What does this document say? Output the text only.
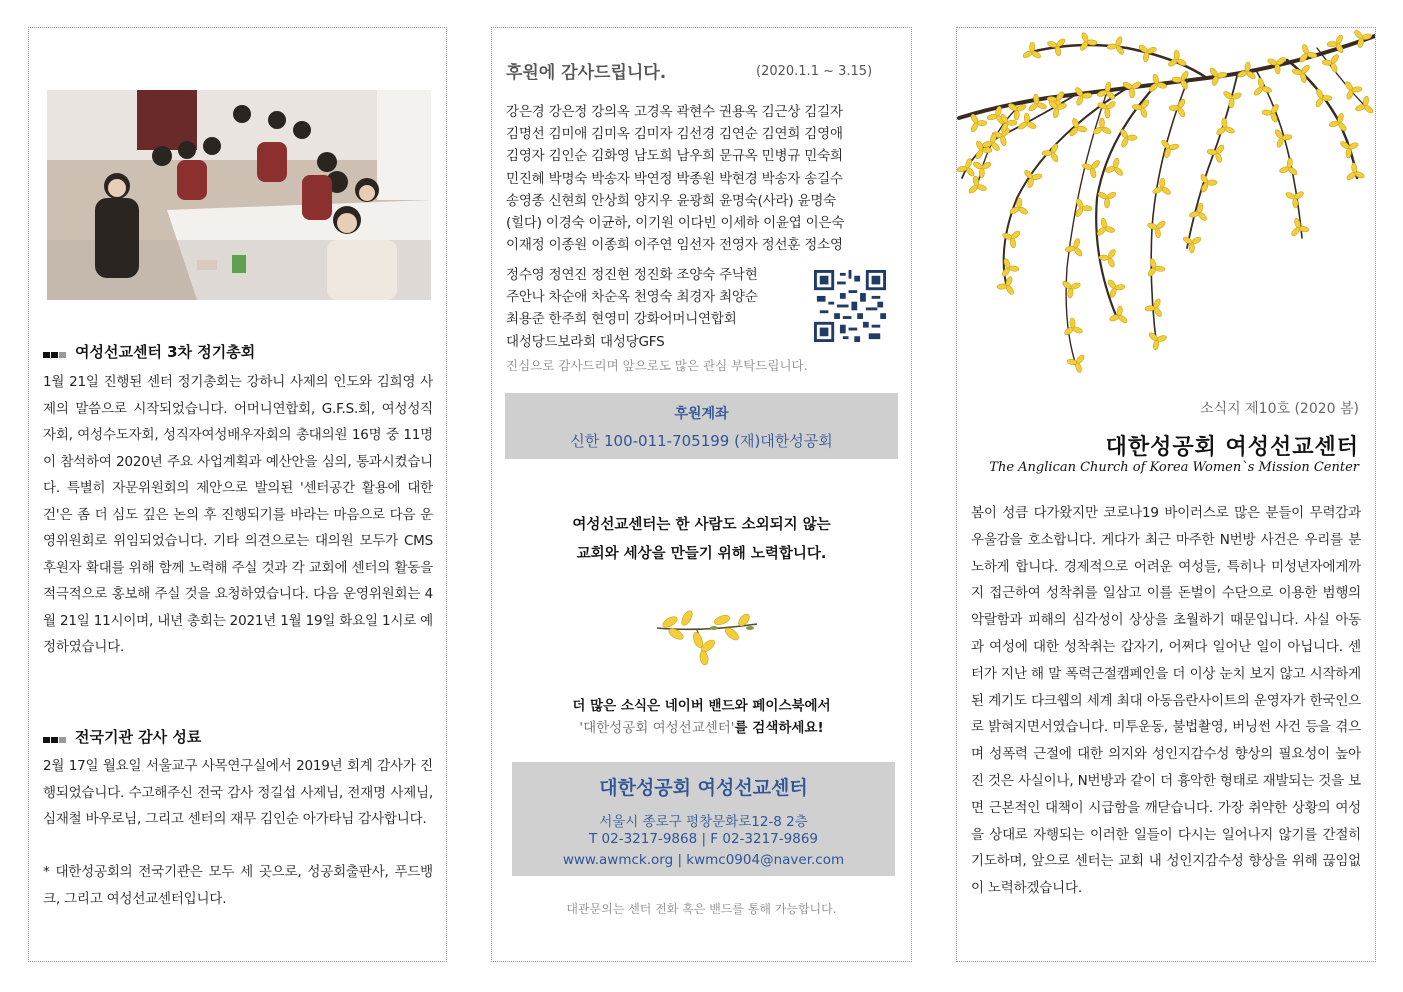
여성선교센터 3차 정기총회
1월 21일 진행된 센터 정기총회는 강하니 사제의 인도와 김희영 사제의 말씀으로 시작되었습니다. 어머니연합회, G.F.S.회, 여성성직자회, 여성수도자회, 성직자여성배우자회의 총대의원 16명 중 11명이 참석하여 2020년 주요 사업계획과 예산안을 심의, 통과시켰습니다. 특별히 자문위원회의 제안으로 발의된 '센터공간 활용에 대한 건'은 좀 더 심도 깊은 논의 후 진행되기를 바라는 마음으로 다음 운영위원회로 위임되었습니다. 기타 의견으로는 대의원 모두가 CMS후원자 확대를 위해 함께 노력해 주실 것과 각 교회에 센터의 활동을 적극적으로 홍보해 주실 것을 요청하였습니다. 다음 운영위원회는 4월 21일 11시이며, 내년 총회는 2021년 1월 19일 화요일 1시로 예정하였습니다.
전국기관 감사 성료
2월 17일 월요일 서울교구 사목연구실에서 2019년 회계 감사가 진행되었습니다. 수고해주신 전국 감사 정길섭 사제님, 전재명 사제님, 심재철 바우로님, 그리고 센터의 재무 김인순 아가타님 감사합니다.
* 대한성공회의 전국기관은 모두 세 곳으로, 성공회출판사, 푸드뱅크, 그리고 여성선교센터입니다.
후원에 감사드립니다.	(2020.1.1 ~ 3.15)
강은경 강은정 강의옥 고경옥 곽현수 권용옥 김근상 김길자
김명선 김미애 김미옥 김미자 김선경 김연순 김연희 김영애
김영자 김인순 김화영 남도희 남우희 문규옥 민병규 민숙희
민진혜 박명숙 박송자 박연정 박종원 박현경 박송자 송길수
송영종 신현희 안상희 양지우 윤광희 윤명숙(사라) 윤명숙
(힐다) 이경숙 이균하, 이기원 이다빈 이세하 이윤엽 이은숙
이재정 이종원 이종희 이주연 임선자 전영자 정선훈 정소영
정수영 정연진 정진현 정진화 조양숙 주낙현
주안나 차순애 차순옥 천영숙 최경자 최양순
최용준 한주희 현영미 강화어머니연합회
대성당드보라회 대성당GFS
진심으로 감사드리며 앞으로도 많은 관심 부탁드립니다.
후원계좌
신한 100-011-705199 (재)대한성공회
여성선교센터는 한 사람도 소외되지 않는
교회와 세상을 만들기 위해 노력합니다.
더 많은 소식은 네이버 밴드와 페이스북에서
'대한성공회 여성선교센터'를 검색하세요!
대한성공회 여성선교센터
서울시 종로구 평창문화로12-8 2층
T 02-3217-9868 | F 02-3217-9869
www.awmck.org | kwmc0904@naver.com
대관문의는 센터 전화 혹은 밴드를 통해 가능합니다.
소식지 제10호 (2020 봄)
대한성공회 여성선교센터
The Anglican Church of Korea Women`s Mission Center
봄이 성큼 다가왔지만 코로나19 바이러스로 많은 분들이 무력감과 우울감을 호소합니다. 게다가 최근 마주한 N번방 사건은 우리를 분노하게 합니다. 경제적으로 어려운 여성들, 특히나 미성년자에게까지 접근하여 성착취를 일삼고 이를 돈벌이 수단으로 이용한 범행의 악랄함과 피해의 심각성이 상상을 초월하기 때문입니다. 사실 아동과 여성에 대한 성착취는 갑자기, 어쩌다 일어난 일이 아닙니다. 센터가 지난 해 말 폭력근절캠페인을 더 이상 눈치 보지 않고 시작하게 된 계기도 다크웹의 세계 최대 아동음란사이트의 운영자가 한국인으로 밝혀지면서였습니다. 미투운동, 불법촬영, 버닝썬 사건 등을 겪으며 성폭력 근절에 대한 의지와 성인지감수성 향상의 필요성이 높아진 것은 사실이나, N번방과 같이 더 흉악한 형태로 재발되는 것을 보면 근본적인 대책이 시급함을 깨닫습니다. 가장 취약한 상황의 여성을 상대로 자행되는 이러한 일들이 다시는 일어나지 않기를 간절히 기도하며, 앞으로 센터는 교회 내 성인지감수성 향상을 위해 끊임없이 노력하겠습니다.
